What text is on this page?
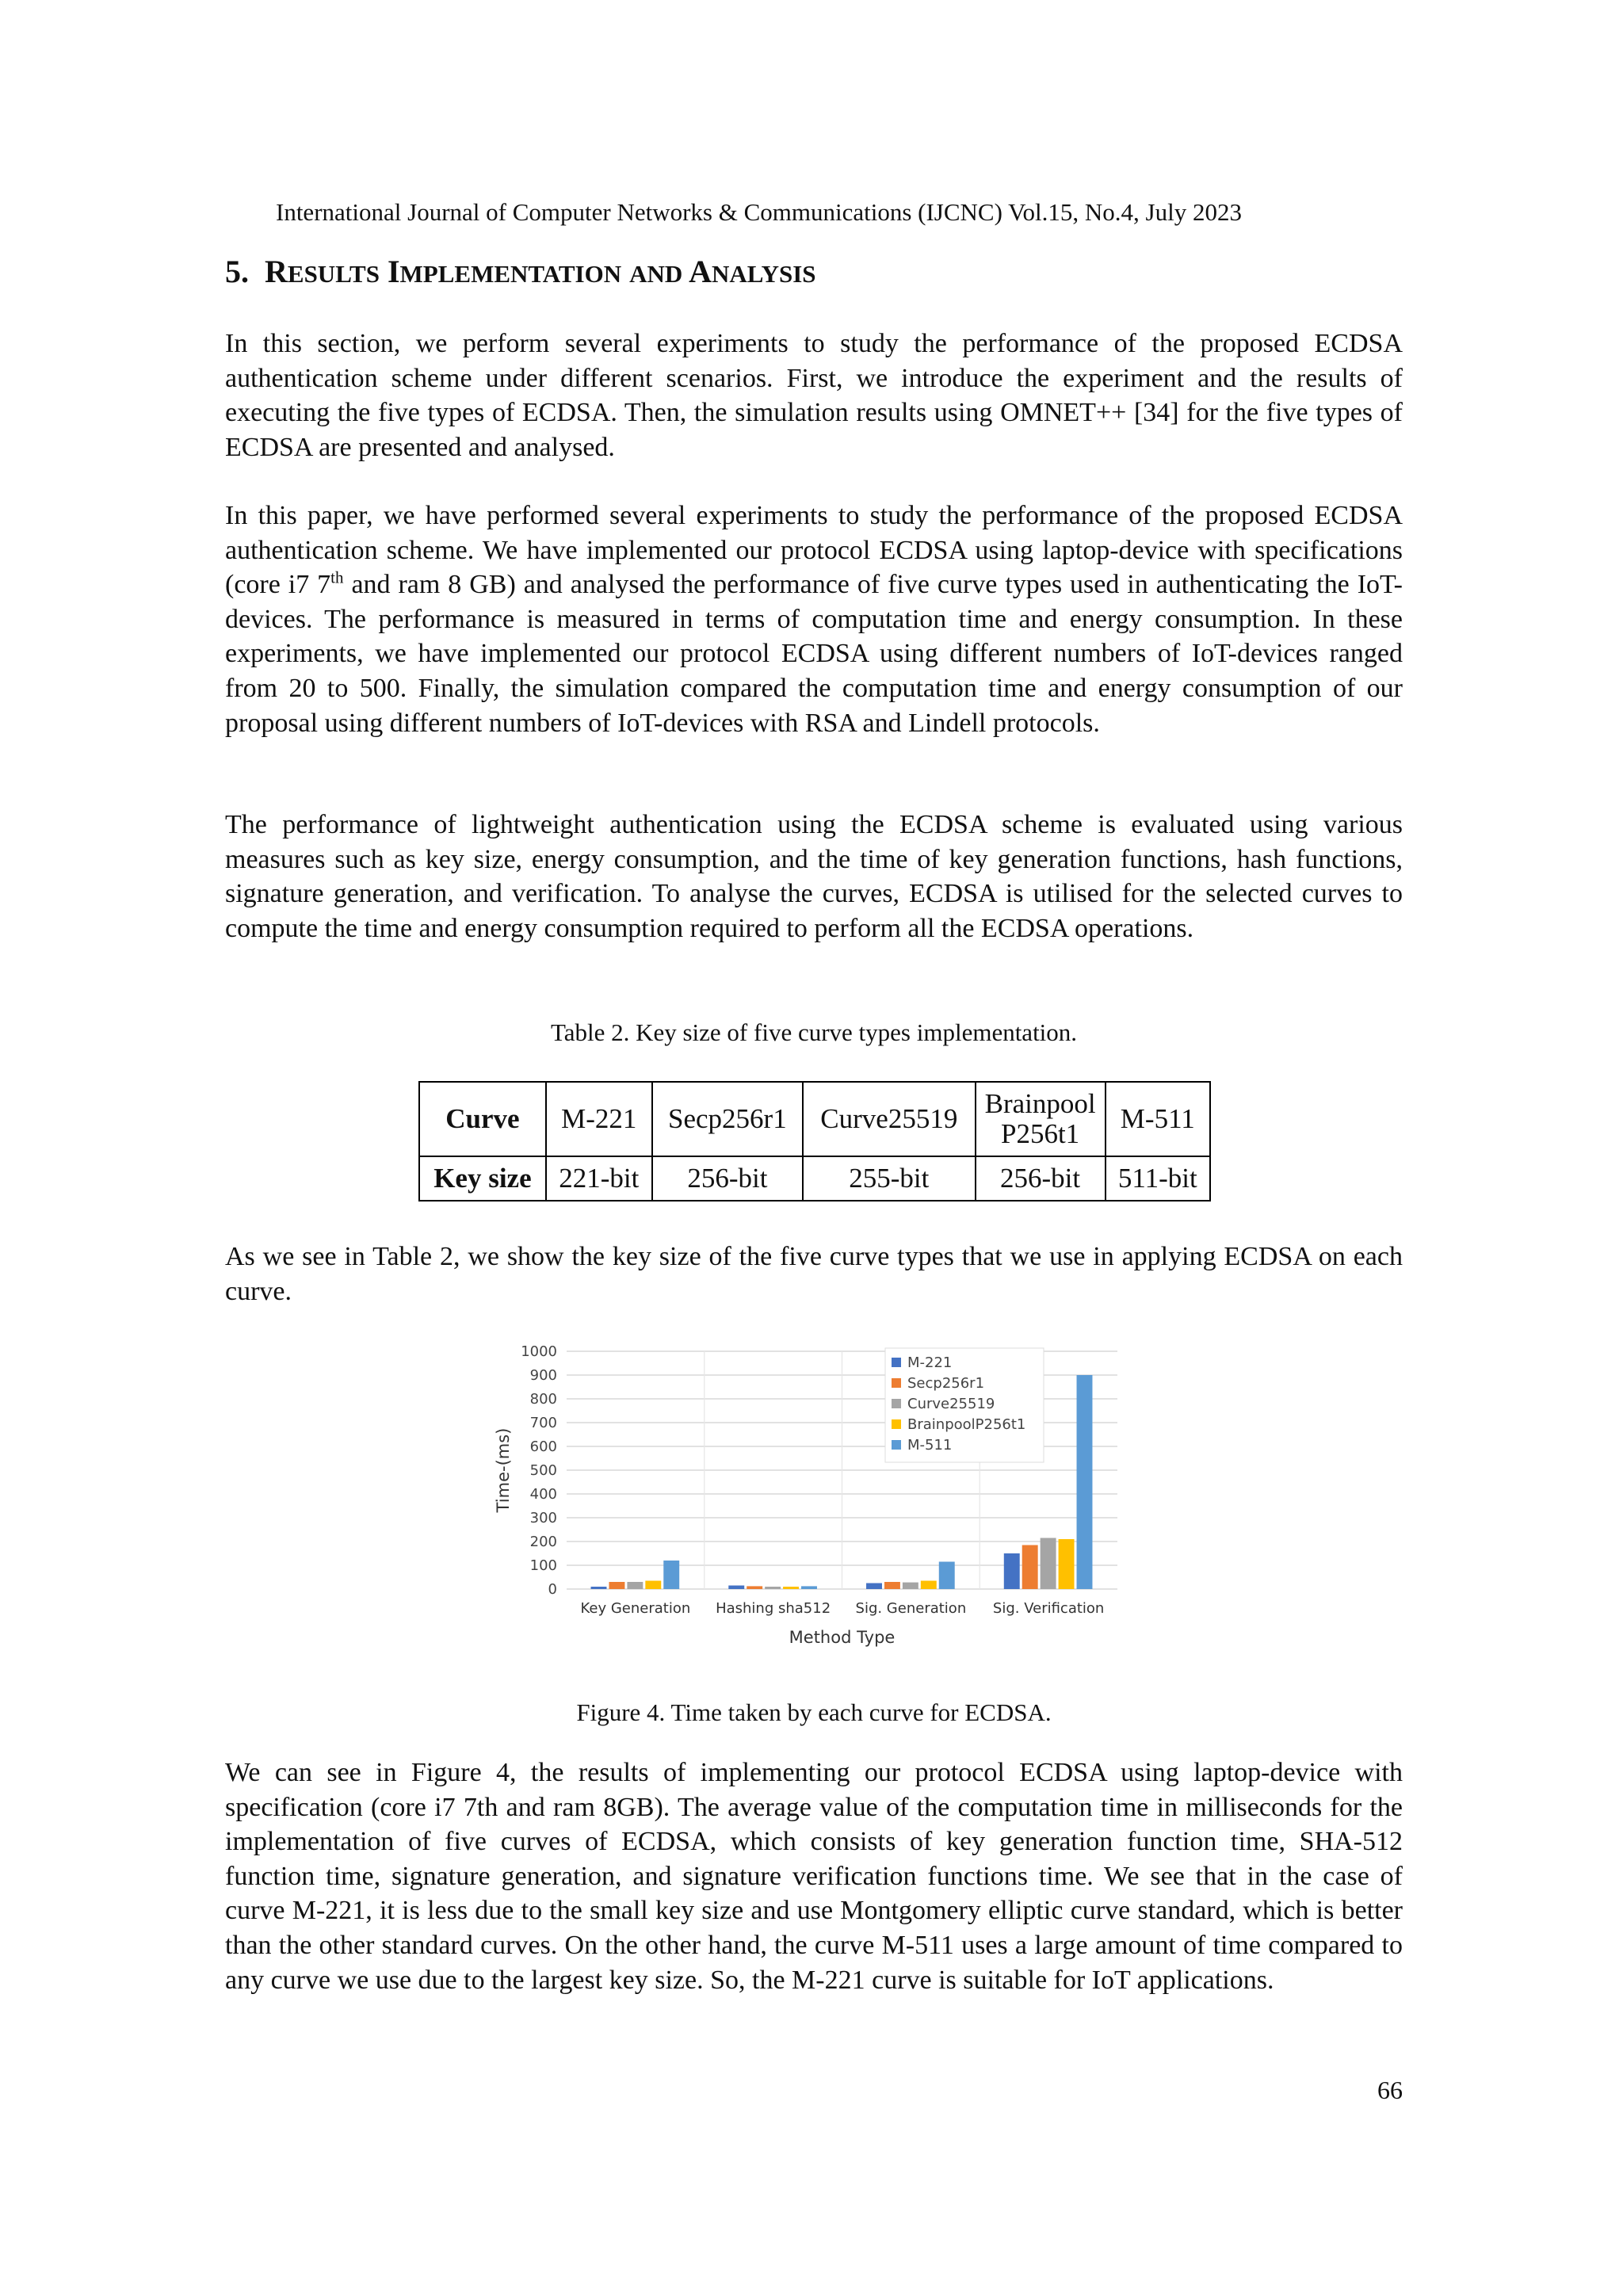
International Journal of Computer Networks & Communications (IJCNC) Vol.15, No.4, July 2023
5. RESULTS IMPLEMENTATION AND ANALYSIS

In this section, we perform several experiments to study the performance of the proposed ECDSA authentication scheme under different scenarios. First, we introduce the experiment and the results of executing the five types of ECDSA. Then, the simulation results using OMNET++ [34] for the five types of ECDSA are presented and analysed.

In this paper, we have performed several experiments to study the performance of the proposed ECDSA authentication scheme. We have implemented our protocol ECDSA using laptop-device with specifications (core i7 7th and ram 8 GB) and analysed the performance of five curve types used in authenticating the IoT-devices. The performance is measured in terms of computation time and energy consumption. In these experiments, we have implemented our protocol ECDSA using different numbers of IoT-devices ranged from 20 to 500. Finally, the simulation compared the computation time and energy consumption of our proposal using different numbers of IoT-devices with RSA and Lindell protocols.

The performance of lightweight authentication using the ECDSA scheme is evaluated using various measures such as key size, energy consumption, and the time of key generation functions, hash functions, signature generation, and verification. To analyse the curves, ECDSA is utilised for the selected curves to compute the time and energy consumption required to perform all the ECDSA operations.

Table 2. Key size of five curve types implementation.
Curve	M-221	Secp256r1	Curve25519	Brainpool P256t1	M-511
Key size	221-bit	256-bit	255-bit	256-bit	511-bit

As we see in Table 2, we show the key size of the five curve types that we use in applying ECDSA on each curve.

0
100
200
300
400
500
600
700
800
900
1000
Key Generation Hashing sha512 Sig. Generation Sig. Verification
Method Type
Time-(ms)
M-221
Secp256r1
Curve25519
BrainpoolP256t1
M-511
Figure 4. Time taken by each curve for ECDSA.

We can see in Figure 4, the results of implementing our protocol ECDSA using laptop-device with specification (core i7 7th and ram 8GB). The average value of the computation time in milliseconds for the implementation of five curves of ECDSA, which consists of key generation function time, SHA-512 function time, signature generation, and signature verification functions time. We see that in the case of curve M-221, it is less due to the small key size and use Montgomery elliptic curve standard, which is better than the other standard curves. On the other hand, the curve M-511 uses a large amount of time compared to any curve we use due to the largest key size. So, the M-221 curve is suitable for IoT applications.

66
